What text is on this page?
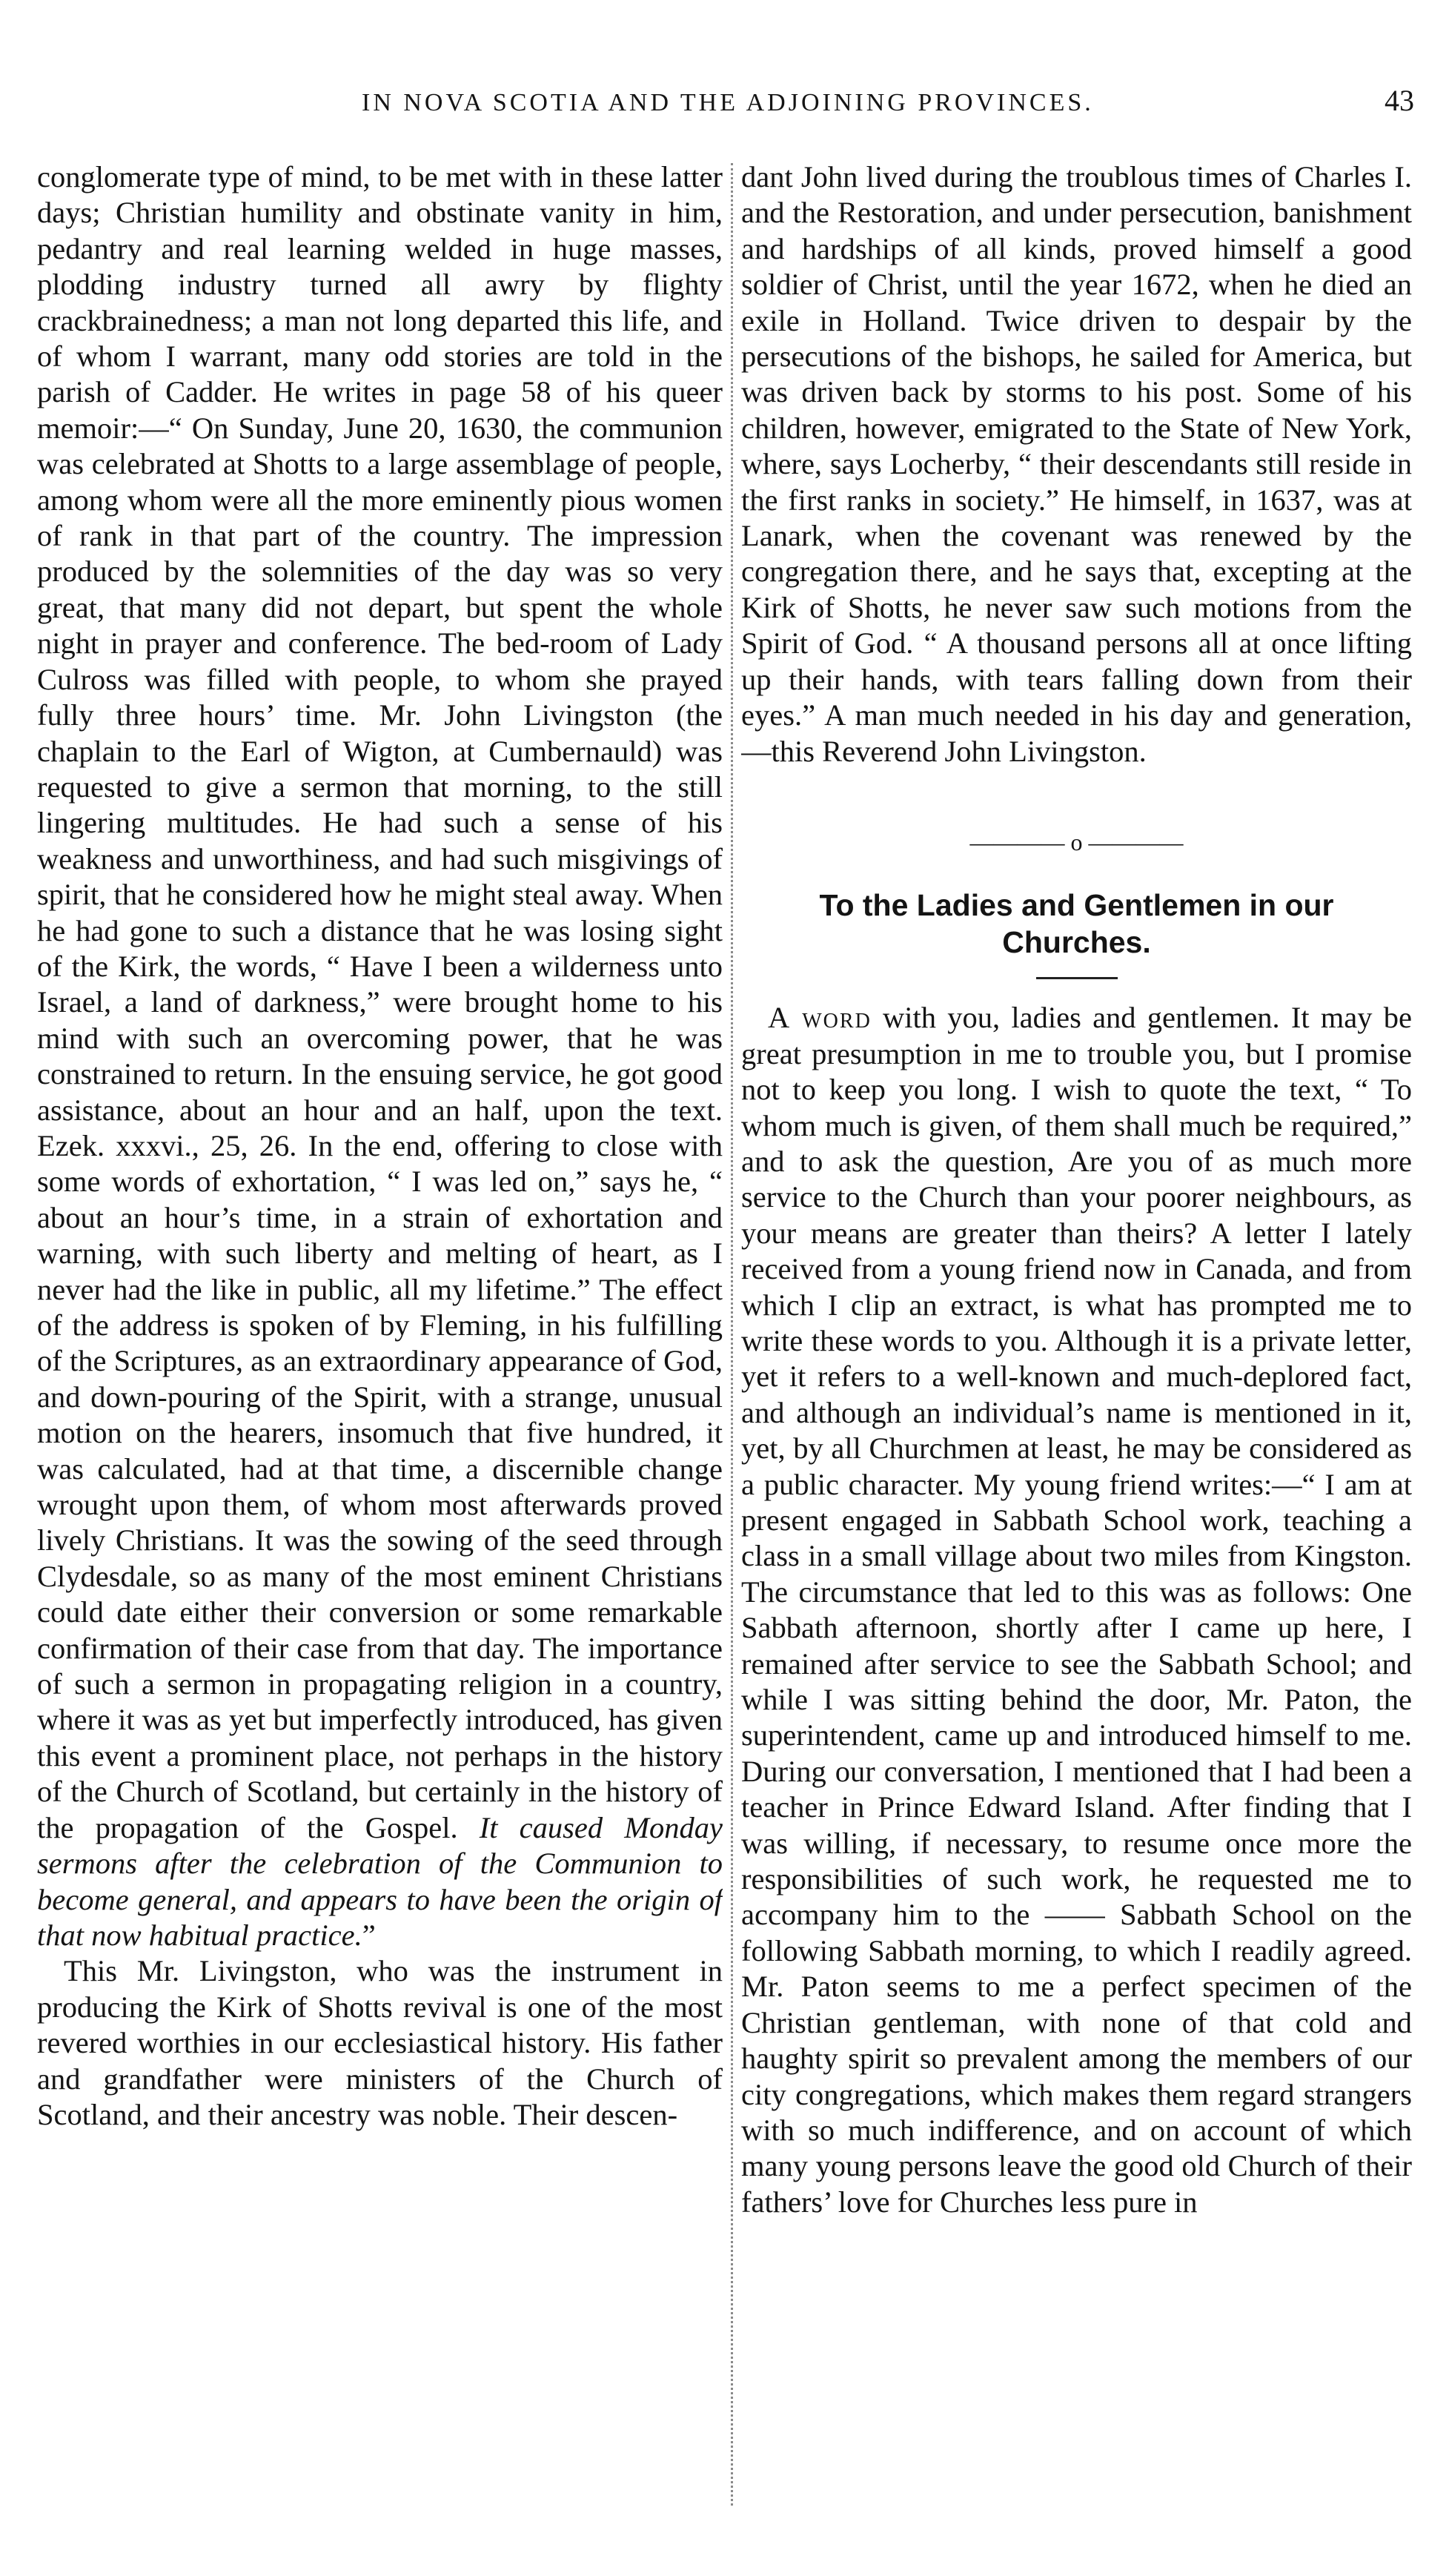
IN NOVA SCOTIA AND THE ADJOINING PROVINCES.	43

conglomerate type of mind, to be met with in these latter days; Christian humility and obstinate vanity in him, pedantry and real learning welded in huge masses, plodding industry turned all awry by flighty crackbrainedness; a man not long departed this life, and of whom I warrant, many odd stories are told in the parish of Cadder. He writes in page 58 of his queer memoir:—“ On Sunday, June 20, 1630, the communion was celebrated at Shotts to a large assemblage of people, among whom were all the more eminently pious women of rank in that part of the country. The impression produced by the solemnities of the day was so very great, that many did not depart, but spent the whole night in prayer and conference. The bed-room of Lady Culross was filled with people, to whom she prayed fully three hours’ time. Mr. John Livingston (the chaplain to the Earl of Wigton, at Cumbernauld) was requested to give a sermon that morning, to the still lingering multitudes. He had such a sense of his weakness and unworthiness, and had such misgivings of spirit, that he considered how he might steal away. When he had gone to such a distance that he was losing sight of the Kirk, the words, “ Have I been a wilderness unto Israel, a land of darkness,” were brought home to his mind with such an overcoming power, that he was constrained to return. In the ensuing service, he got good assistance, about an hour and an half, upon the text. Ezek. xxxvi., 25, 26. In the end, offering to close with some words of exhortation, “ I was led on,” says he, “ about an hour’s time, in a strain of exhortation and warning, with such liberty and melting of heart, as I never had the like in public, all my lifetime.” The effect of the address is spoken of by Fleming, in his fulfilling of the Scriptures, as an extraordinary appearance of God, and down-pouring of the Spirit, with a strange, unusual motion on the hearers, insomuch that five hundred, it was calculated, had at that time, a discernible change wrought upon them, of whom most afterwards proved lively Christians. It was the sowing of the seed through Clydesdale, so as many of the most eminent Christians could date either their conversion or some remarkable confirmation of their case from that day. The importance of such a sermon in propagating religion in a country, where it was as yet but imperfectly introduced, has given this event a prominent place, not perhaps in the history of the Church of Scotland, but certainly in the history of the propagation of the Gospel. It caused Monday sermons after the celebration of the Communion to become general, and appears to have been the origin of that now habitual practice.”

This Mr. Livingston, who was the instrument in producing the Kirk of Shotts revival is one of the most revered worthies in our ecclesiastical history. His father and grandfather were ministers of the Church of Scotland, and their ancestry was noble. Their descen-

dant John lived during the troublous times of Charles I. and the Restoration, and under persecution, banishment and hardships of all kinds, proved himself a good soldier of Christ, until the year 1672, when he died an exile in Holland. Twice driven to despair by the persecutions of the bishops, he sailed for America, but was driven back by storms to his post. Some of his children, however, emigrated to the State of New York, where, says Locherby, “ their descendants still reside in the first ranks in society.” He himself, in 1637, was at Lanark, when the covenant was renewed by the congregation there, and he says that, excepting at the Kirk of Shotts, he never saw such motions from the Spirit of God. “ A thousand persons all at once lifting up their hands, with tears falling down from their eyes.” A man much needed in his day and generation,—this Reverend John Livingston.

———— o ————
To the Ladies and Gentlemen in our Churches.

A word with you, ladies and gentlemen. It may be great presumption in me to trouble you, but I promise not to keep you long. I wish to quote the text, “ To whom much is given, of them shall much be required,” and to ask the question, Are you of as much more service to the Church than your poorer neighbours, as your means are greater than theirs? A letter I lately received from a young friend now in Canada, and from which I clip an extract, is what has prompted me to write these words to you. Although it is a private letter, yet it refers to a well-known and much-deplored fact, and although an individual’s name is mentioned in it, yet, by all Churchmen at least, he may be considered as a public character. My young friend writes:—“ I am at present engaged in Sabbath School work, teaching a class in a small village about two miles from Kingston. The circumstance that led to this was as follows: One Sabbath afternoon, shortly after I came up here, I remained after service to see the Sabbath School; and while I was sitting behind the door, Mr. Paton, the superintendent, came up and introduced himself to me. During our conversation, I mentioned that I had been a teacher in Prince Edward Island. After finding that I was willing, if necessary, to resume once more the responsibilities of such work, he requested me to accompany him to the —— Sabbath School on the following Sabbath morning, to which I readily agreed. Mr. Paton seems to me a perfect specimen of the Christian gentleman, with none of that cold and haughty spirit so prevalent among the members of our city congregations, which makes them regard strangers with so much indifference, and on account of which many young persons leave the good old Church of their fathers’ love for Churches less pure in
